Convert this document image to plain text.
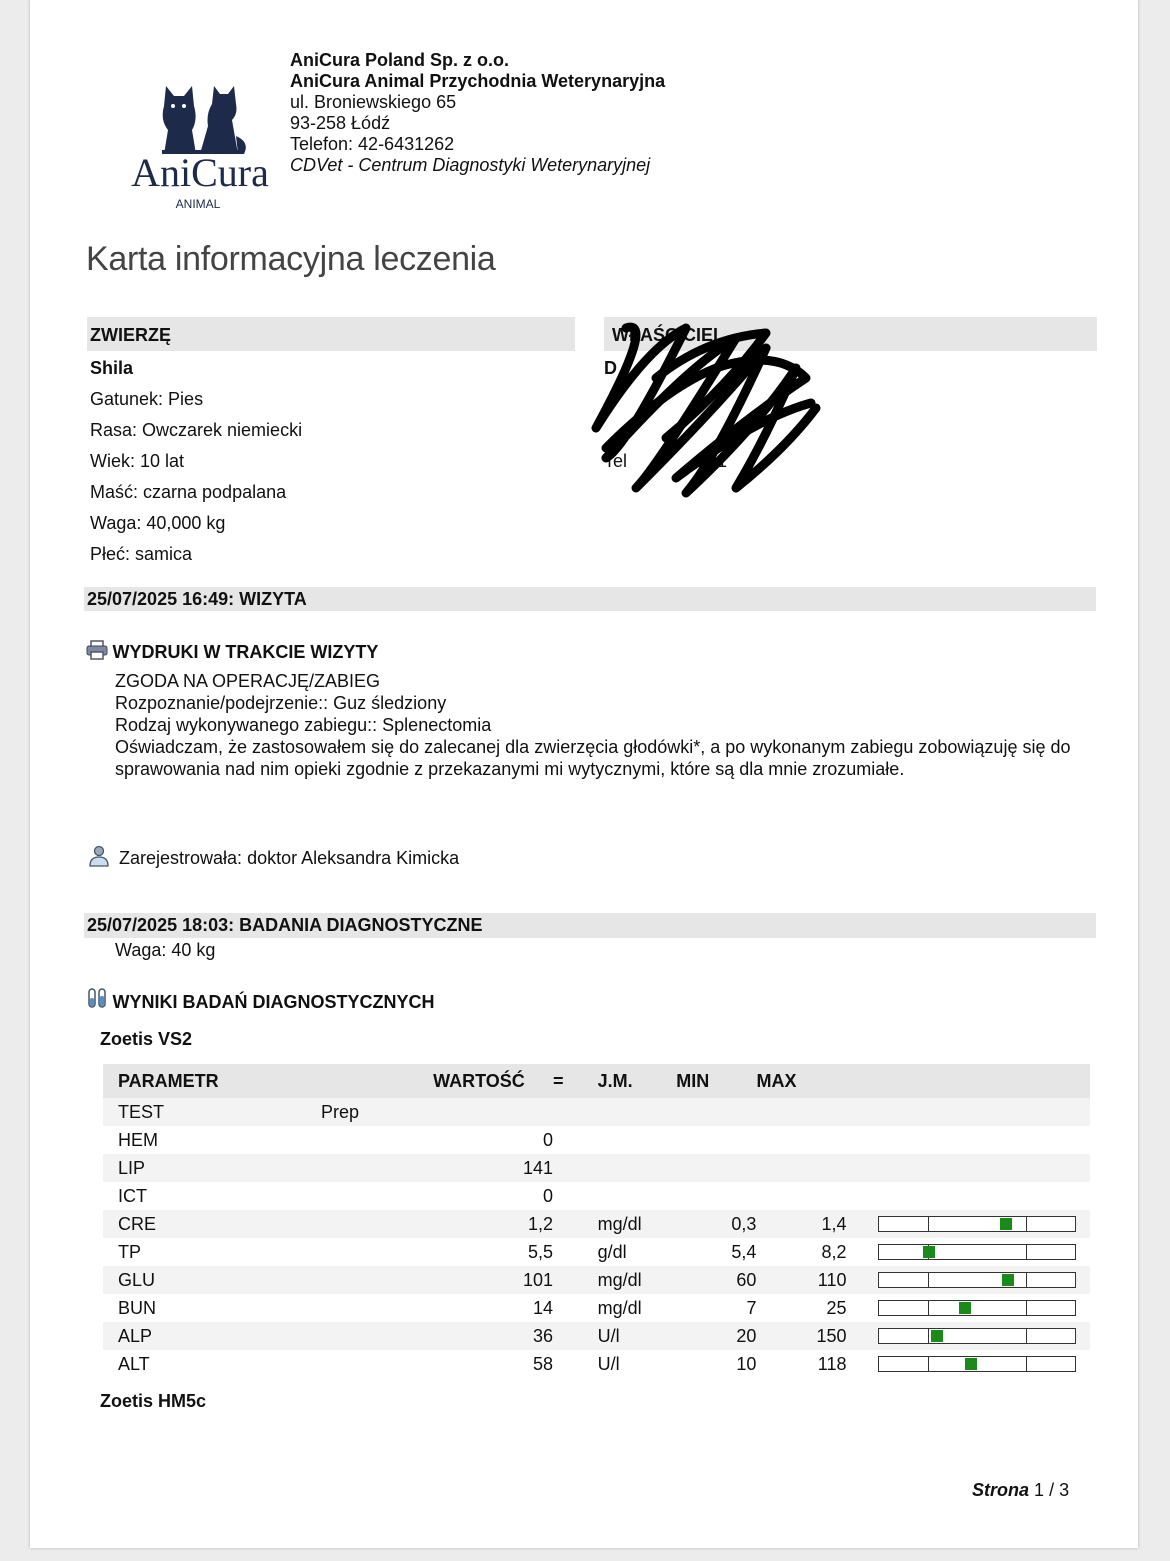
AniCura
ANIMAL
AniCura Poland Sp. z o.o.
AniCura Animal Przychodnia Weterynaryjna
ul. Broniewskiego 65
93-258 Łódź
Telefon: 42-6431262
CDVet - Centrum Diagnostyki Weterynaryjnej
Karta informacyjna leczenia
ZWIERZĘ
Shila
Gatunek: Pies
Rasa: Owczarek niemiecki
Wiek: 10 lat
Maść: czarna podpalana
Waga: 40,000 kg
Płeć: samica
WŁAŚCICIEL
D
Tel	201
25/07/2025 16:49: WIZYTA
WYDRUKI W TRAKCIE WIZYTY
ZGODA NA OPERACJĘ/ZABIEG
Rozpoznanie/podejrzenie:: Guz śledziony
Rodzaj wykonywanego zabiegu:: Splenectomia
Oświadczam, że zastosowałem się do zalecanej dla zwierzęcia głodówki*, a po wykonanym zabiegu zobowiązuję się do sprawowania nad nim opieki zgodnie z przekazanymi mi wytycznymi, które są dla mnie zrozumiałe.
Zarejestrowała: doktor Aleksandra Kimicka
25/07/2025 18:03: BADANIA DIAGNOSTYCZNE
Waga: 40 kg
WYNIKI BADAŃ DIAGNOSTYCZNYCH
Zoetis VS2
PARAMETR		WARTOŚĆ	=	J.M.	MIN	MAX	
TEST	Prep						
HEM		0					
LIP		141					
ICT		0					
CRE		1,2		mg/dl	0,3	1,4	

TP		5,5		g/dl	5,4	8,2	

GLU		101		mg/dl	60	110	

BUN		14		mg/dl	7	25	

ALP		36		U/l	20	150	

ALT		58		U/l	10	118	
Zoetis HM5c
Strona 1 / 3
